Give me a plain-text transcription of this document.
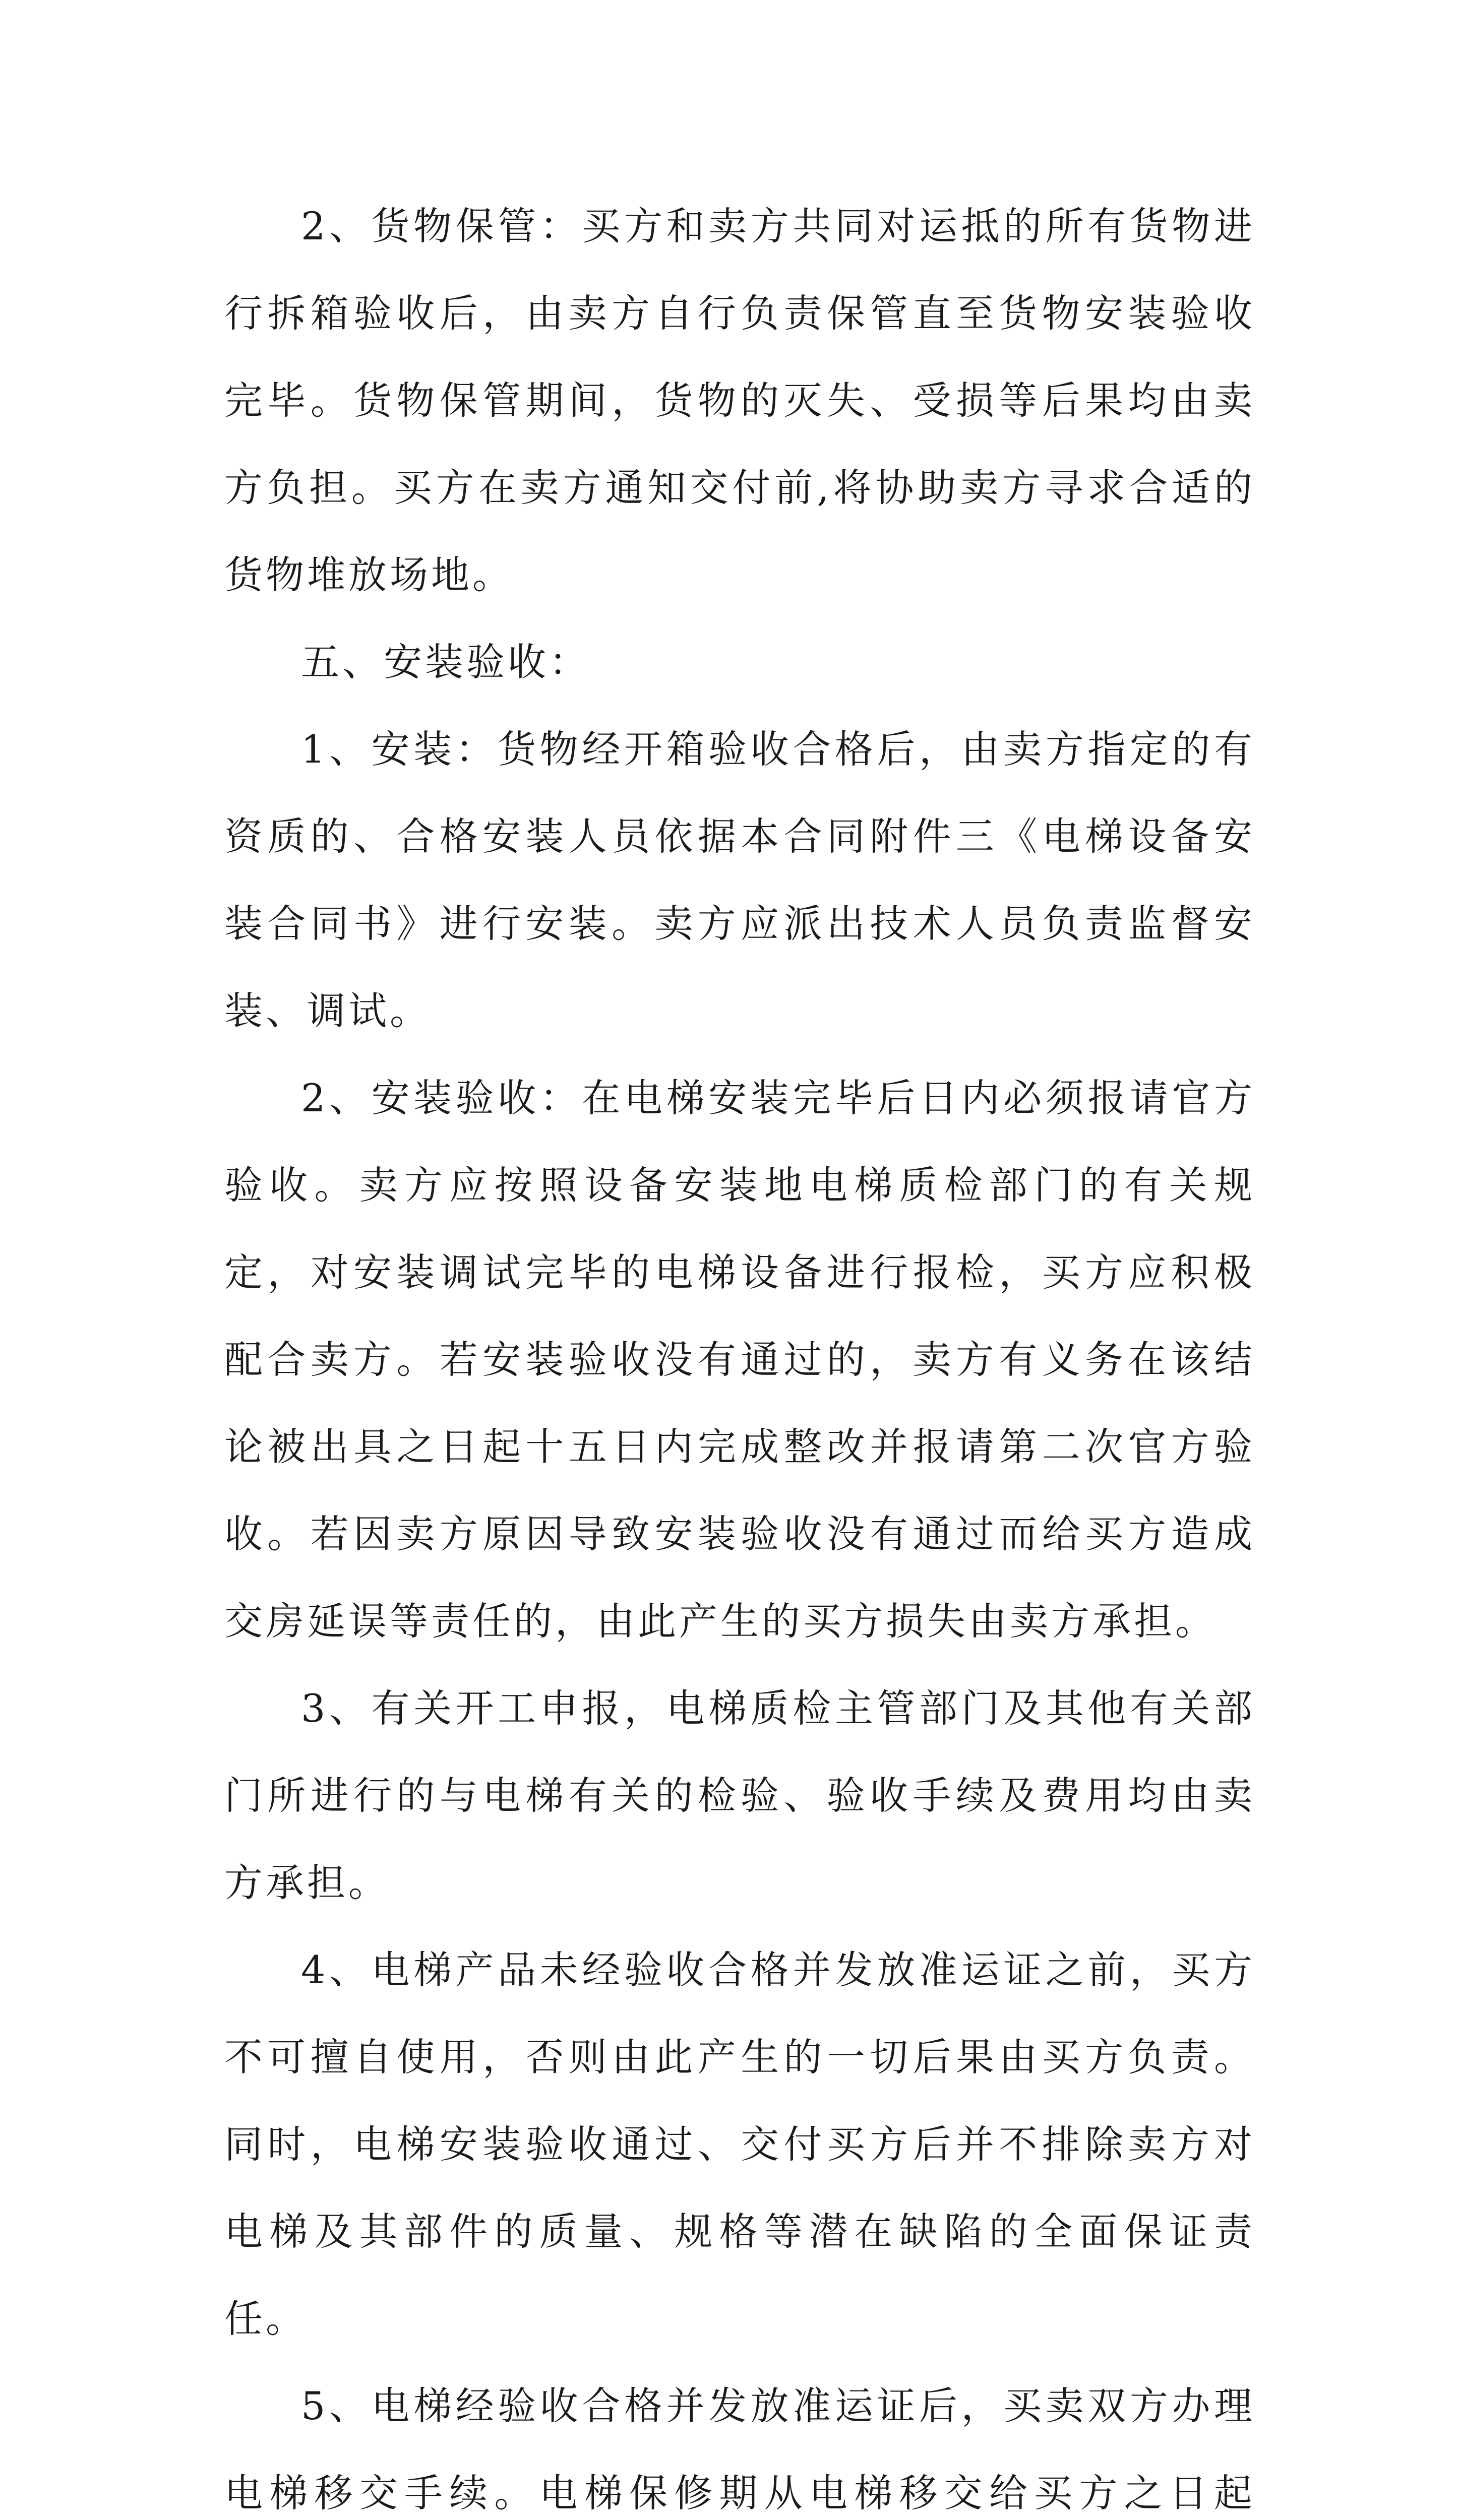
2、货物保管：买方和卖方共同对运抵的所有货物进行拆箱验收后，由卖方自行负责保管直至货物安装验收完毕。货物保管期间，货物的灭失、受损等后果均由卖方负担。买方在卖方通知交付前,将协助卖方寻求合适的货物堆放场地。

五、安装验收：

1、安装：货物经开箱验收合格后，由卖方指定的有资质的、合格安装人员依据本合同附件三《电梯设备安装合同书》进行安装。卖方应派出技术人员负责监督安装、调试。

2、安装验收：在电梯安装完毕后日内必须报请官方验收。卖方应按照设备安装地电梯质检部门的有关规定，对安装调试完毕的电梯设备进行报检，买方应积极配合卖方。若安装验收没有通过的，卖方有义务在该结论被出具之日起十五日内完成整改并报请第二次官方验收。若因卖方原因导致安装验收没有通过而给买方造成交房延误等责任的，由此产生的买方损失由卖方承担。

3、有关开工申报，电梯质检主管部门及其他有关部门所进行的与电梯有关的检验、验收手续及费用均由卖方承担。

4、电梯产品未经验收合格并发放准运证之前，买方不可擅自使用，否则由此产生的一切后果由买方负责。同时，电梯安装验收通过、交付买方后并不排除卖方对电梯及其部件的质量、规格等潜在缺陷的全面保证责任。

5、电梯经验收合格并发放准运证后，买卖双方办理电梯移交手续。电梯保修期从电梯移交给买方之日起
